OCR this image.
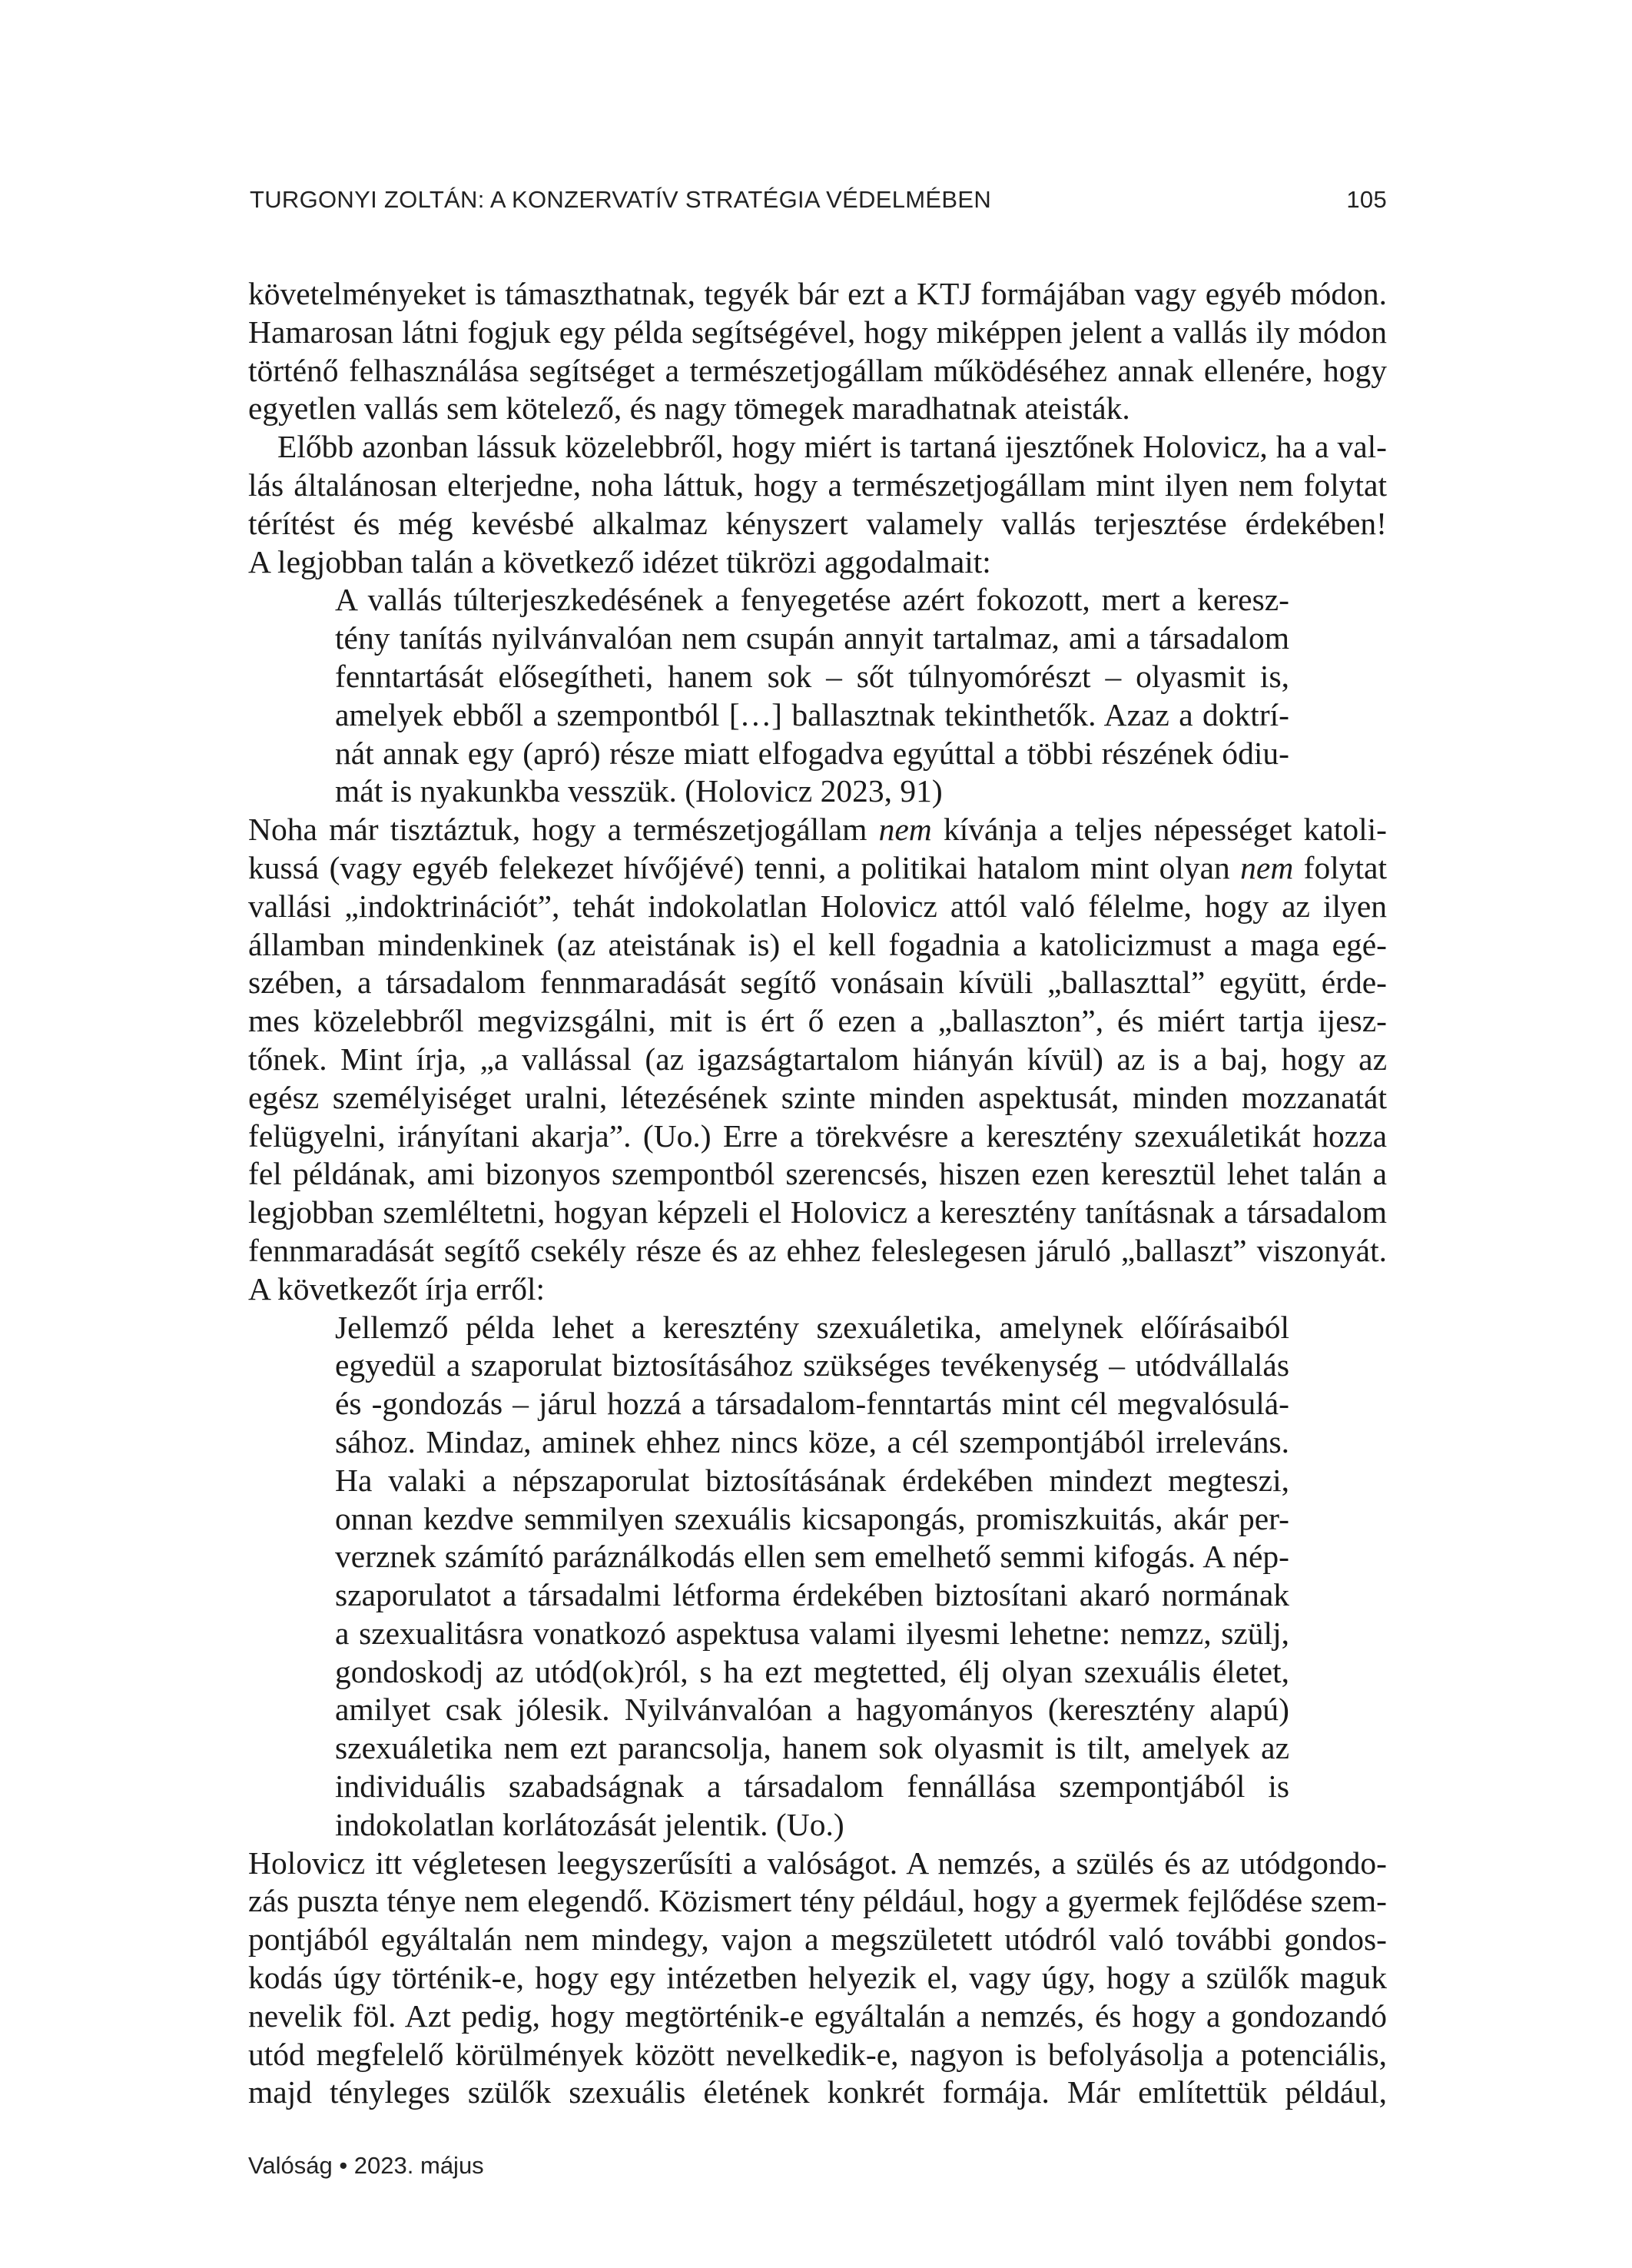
TURGONYI ZOLTÁN: A KONZERVATÍV STRATÉGIA VÉDELMÉBEN	105
követelményeket is támaszthatnak, tegyék bár ezt a KTJ formájában vagy egyéb módon.
Hamarosan látni fogjuk egy példa segítségével, hogy miképpen jelent a vallás ily módon
történő felhasználása segítséget a természetjogállam működéséhez annak ellenére, hogy
egyetlen vallás sem kötelező, és nagy tömegek maradhatnak ateisták.
Előbb azonban lássuk közelebbről, hogy miért is tartaná ijesztőnek Holovicz, ha a val-
lás általánosan elterjedne, noha láttuk, hogy a természetjogállam mint ilyen nem folytat
térítést és még kevésbé alkalmaz kényszert valamely vallás terjesztése érdekében!
A legjobban talán a következő idézet tükrözi aggodalmait:
A vallás túlterjeszkedésének a fenyegetése azért fokozott, mert a keresz-
tény tanítás nyilvánvalóan nem csupán annyit tartalmaz, ami a társadalom
fenntartását elősegítheti, hanem sok – sőt túlnyomórészt – olyasmit is,
amelyek ebből a szempontból […] ballasztnak tekinthetők. Azaz a doktrí-
nát annak egy (apró) része miatt elfogadva egyúttal a többi részének ódiu-
mát is nyakunkba vesszük. (Holovicz 2023, 91)
Noha már tisztáztuk, hogy a természetjogállam nem kívánja a teljes népességet katoli-
kussá (vagy egyéb felekezet hívőjévé) tenni, a politikai hatalom mint olyan nem folytat
vallási „indoktrinációt”, tehát indokolatlan Holovicz attól való félelme, hogy az ilyen
államban mindenkinek (az ateistának is) el kell fogadnia a katolicizmust a maga egé-
szében, a társadalom fennmaradását segítő vonásain kívüli „ballaszttal” együtt, érde-
mes közelebbről megvizsgálni, mit is ért ő ezen a „ballaszton”, és miért tartja ijesz-
tőnek. Mint írja, „a vallással (az igazságtartalom hiányán kívül) az is a baj, hogy az
egész személyiséget uralni, létezésének szinte minden aspektusát, minden mozzanatát
felügyelni, irányítani akarja”. (Uo.) Erre a törekvésre a keresztény szexuáletikát hozza
fel példának, ami bizonyos szempontból szerencsés, hiszen ezen keresztül lehet talán a
legjobban szemléltetni, hogyan képzeli el Holovicz a keresztény tanításnak a társadalom
fennmaradását segítő csekély része és az ehhez feleslegesen járuló „ballaszt” viszonyát.
A következőt írja erről:
Jellemző példa lehet a keresztény szexuáletika, amelynek előírásaiból
egyedül a szaporulat biztosításához szükséges tevékenység – utódvállalás
és -gondozás – járul hozzá a társadalom-fenntartás mint cél megvalósulá-
sához. Mindaz, aminek ehhez nincs köze, a cél szempontjából irreleváns.
Ha valaki a népszaporulat biztosításának érdekében mindezt megteszi,
onnan kezdve semmilyen szexuális kicsapongás, promiszkuitás, akár per-
verznek számító paráználkodás ellen sem emelhető semmi kifogás. A nép-
szaporulatot a társadalmi létforma érdekében biztosítani akaró normának
a szexualitásra vonatkozó aspektusa valami ilyesmi lehetne: nemzz, szülj,
gondoskodj az utód(ok)ról, s ha ezt megtetted, élj olyan szexuális életet,
amilyet csak jólesik. Nyilvánvalóan a hagyományos (keresztény alapú)
szexuáletika nem ezt parancsolja, hanem sok olyasmit is tilt, amelyek az
individuális szabadságnak a társadalom fennállása szempontjából is
indokolatlan korlátozását jelentik. (Uo.)
Holovicz itt végletesen leegyszerűsíti a valóságot. A nemzés, a szülés és az utódgondo-
zás puszta ténye nem elegendő. Közismert tény például, hogy a gyermek fejlődése szem-
pontjából egyáltalán nem mindegy, vajon a megszületett utódról való további gondos-
kodás úgy történik-e, hogy egy intézetben helyezik el, vagy úgy, hogy a szülők maguk
nevelik föl. Azt pedig, hogy megtörténik-e egyáltalán a nemzés, és hogy a gondozandó
utód megfelelő körülmények között nevelkedik-e, nagyon is befolyásolja a potenciális,
majd tényleges szülők szexuális életének konkrét formája. Már említettük például,
Valóság • 2023. május
